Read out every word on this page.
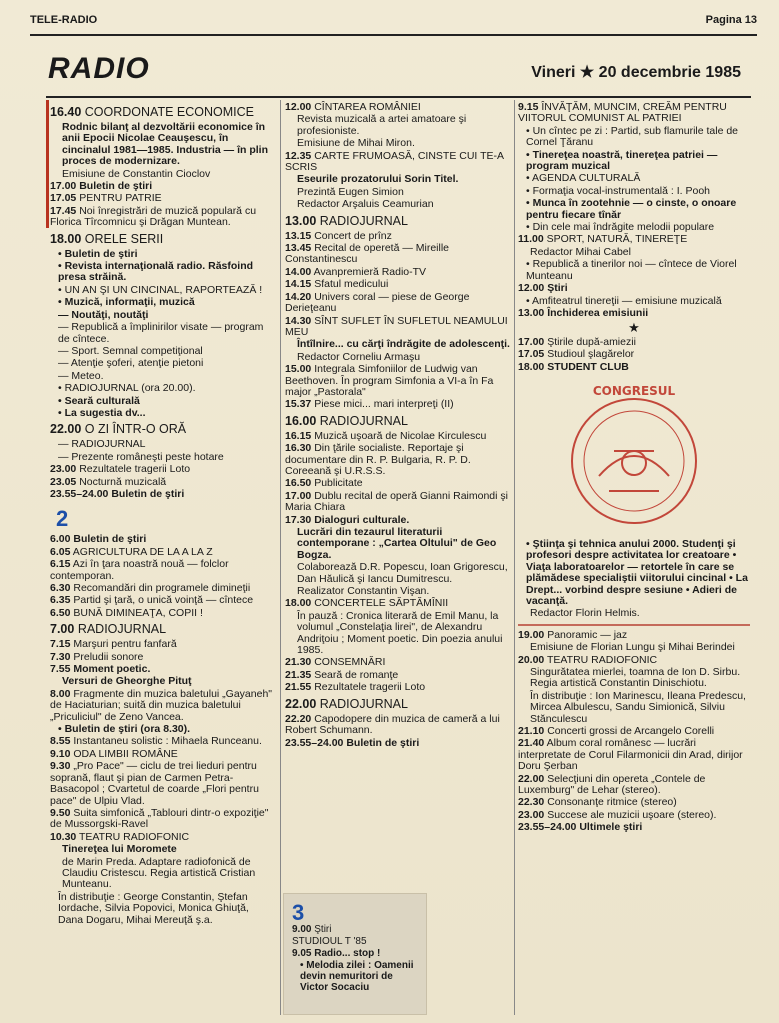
TELE-RADIO	Pagina 13
RADIO	Vineri ★ 20 decembrie 1985
16.40 COORDONATE ECONOMICE
Rodnic bilanţ al dezvoltării economice în anii Epocii Nicolae Ceauşescu, în cincinalul 1981—1985. Industria — în plin proces de modernizare.
Emisiune de Constantin Cioclov
17.00 Buletin de ştiri
17.05 PENTRU PATRIE
17.45 Noi înregistrări de muzică populară cu Florica Tîrcomnicu şi Drăgan Muntean.
18.00 ORELE SERII
• Buletin de ştiri
• Revista internaţională radio. Răsfoind presa străină.
• UN AN ŞI UN CINCINAL, RAPORTEAZĂ !
• Muzică, informaţii, muzică
— Noutăţi, noutăţi
— Republică a împlinirilor visate — program de cîntece.
— Sport. Semnal competiţional
— Atenţie şoferi, atenţie pietoni
— Meteo.
• RADIOJURNAL (ora 20.00).
• Seară culturală
• La sugestia dv...
22.00 O ZI ÎNTR-O ORĂ
— RADIOJURNAL
— Prezente româneşti peste hotare
23.00 Rezultatele tragerii Loto
23.05 Nocturnă muzicală
23.55–24.00 Buletin de ştiri
2
6.00 Buletin de ştiri
6.05 AGRICULTURA DE LA A LA Z
6.15 Azi în ţara noastră nouă — folclor contemporan.
6.30 Recomandări din programele dimineţii
6.35 Partid şi ţară, o unică voinţă — cîntece
6.50 BUNĂ DIMINEAŢA, COPII !
7.00 RADIOJURNAL
7.15 Marşuri pentru fanfară
7.30 Preludii sonore
7.55 Moment poetic.
Versuri de Gheorghe Pituţ
8.00 Fragmente din muzica baletului „Gayaneh" de Haciaturian; suită din muzica baletului „Priculiciul" de Zeno Vancea.
• Buletin de ştiri (ora 8.30).
8.55 Instantaneu solistic : Mihaela Runceanu.
9.10 ODA LIMBII ROMÂNE
9.30 „Pro Pace" — ciclu de trei lieduri pentru soprană, flaut şi pian de Carmen Petra-Basacopol ; Cvartetul de coarde „Flori pentru pace" de Ulpiu Vlad.
9.50 Suita simfonică „Tablouri dintr-o expoziţie" de Mussorgski-Ravel
10.30 TEATRU RADIOFONIC
Tinereţea lui Moromete
de Marin Preda. Adaptare radiofonică de Claudiu Cristescu. Regia artistică Cristian Munteanu.
În distribuţie : George Constantin, Ştefan Iordache, Silvia Popovici, Monica Ghiuţă, Dana Dogaru, Mihai Mereuţă ş.a.
12.00 CÎNTAREA ROMÂNIEI
Revista muzicală a artei amatoare şi profesioniste.
Emisiune de Mihai Miron.
12.35 CARTE FRUMOASĂ, CINSTE CUI TE-A SCRIS
Eseurile prozatorului Sorin Titel.
Prezintă Eugen Simion
Redactor Arşaluis Ceamurian
13.00 RADIOJURNAL
13.15 Concert de prînz
13.45 Recital de operetă — Mireille Constantinescu
14.00 Avanpremieră Radio-TV
14.15 Sfatul medicului
14.20 Univers coral — piese de George Derieţeanu
14.30 SÎNT SUFLET ÎN SUFLETUL NEAMULUI MEU
Întîlnire... cu cărţi îndrăgite de adolescenţi.
Redactor Corneliu Armaşu
15.00 Integrala Simfoniilor de Ludwig van Beethoven. În program Simfonia a VI-a în Fa major „Pastorala"
15.37 Piese mici... mari interpreţi (II)
16.00 RADIOJURNAL
16.15 Muzică uşoară de Nicolae Kirculescu
16.30 Din ţările socialiste. Reportaje şi documentare din R. P. Bulgaria, R. P. D. Coreeană şi U.R.S.S.
16.50 Publicitate
17.00 Dublu recital de operă Gianni Raimondi şi Maria Chiara
17.30 Dialoguri culturale.
Lucrări din tezaurul literaturii contemporane : „Cartea Oltului" de Geo Bogza.
Colaborează D.R. Popescu, Ioan Grigorescu, Dan Hăulică şi Iancu Dumitrescu.
Realizator Constantin Vişan.
18.00 CONCERTELE SĂPTĂMÎNII
În pauză : Cronica literară de Emil Manu, la volumul „Constelaţia lirei", de Alexandru Andriţoiu ; Moment poetic. Din poezia anului 1985.
21.30 CONSEMNĂRI
21.35 Seară de romanţe
21.55 Rezultatele tragerii Loto
22.00 RADIOJURNAL
22.20 Capodopere din muzica de cameră a lui Robert Schumann.
23.55–24.00 Buletin de ştiri
3
9.00 Ştiri
STUDIOUL T '85
9.05 Radio... stop !
• Melodia zilei : Oamenii devin nemuritori de Victor Socaciu
9.15 ÎNVĂŢĂM, MUNCIM, CREĂM PENTRU VIITORUL COMUNIST AL PATRIEI
• Un cîntec pe zi : Partid, sub flamurile tale de Cornel Ţăranu
• Tinereţea noastră, tinereţea patriei — program muzical
• AGENDA CULTURALĂ
• Formaţia vocal-instrumentală : I. Pooh
• Munca în zootehnie — o cinste, o onoare pentru fiecare tînăr
• Din cele mai îndrăgite melodii populare
11.00 SPORT, NATURĂ, TINEREŢE
Redactor Mihai Cabel
• Republică a tinerilor noi — cîntece de Viorel Munteanu
12.00 Ştiri
• Amfiteatrul tinereţii — emisiune muzicală
13.00 Închiderea emisiunii
★
17.00 Ştirile după-amiezii
17.05 Studioul şlagărelor
18.00 STUDENT CLUB
CONGRESUL
• Ştiinţa şi tehnica anului 2000. Studenţi şi profesori despre activitatea lor creatoare • Viaţa laboratoarelor — retortele în care se plămădese specialiştii viitorului cincinal • La Drept... vorbind despre sesiune • Adieri de vacanţă.
Redactor Florin Helmis.
19.00 Panoramic — jaz
Emisiune de Florian Lungu şi Mihai Berindei
20.00 TEATRU RADIOFONIC
Singurătatea mierlei, toamna de Ion D. Sirbu. Regia artistică Constantin Dinischiotu.
În distribuţie : Ion Marinescu, Ileana Predescu, Mircea Albulescu, Sandu Simionică, Silviu Stănculescu
21.10 Concerti grossi de Arcangelo Corelli
21.40 Album coral românesc — lucrări interpretate de Corul Filarmonicii din Arad, dirijor Doru Şerban
22.00 Selecţiuni din opereta „Contele de Luxemburg" de Lehar (stereo).
22.30 Consonanţe ritmice (stereo)
23.00 Succese ale muzicii uşoare (stereo).
23.55–24.00 Ultimele ştiri
